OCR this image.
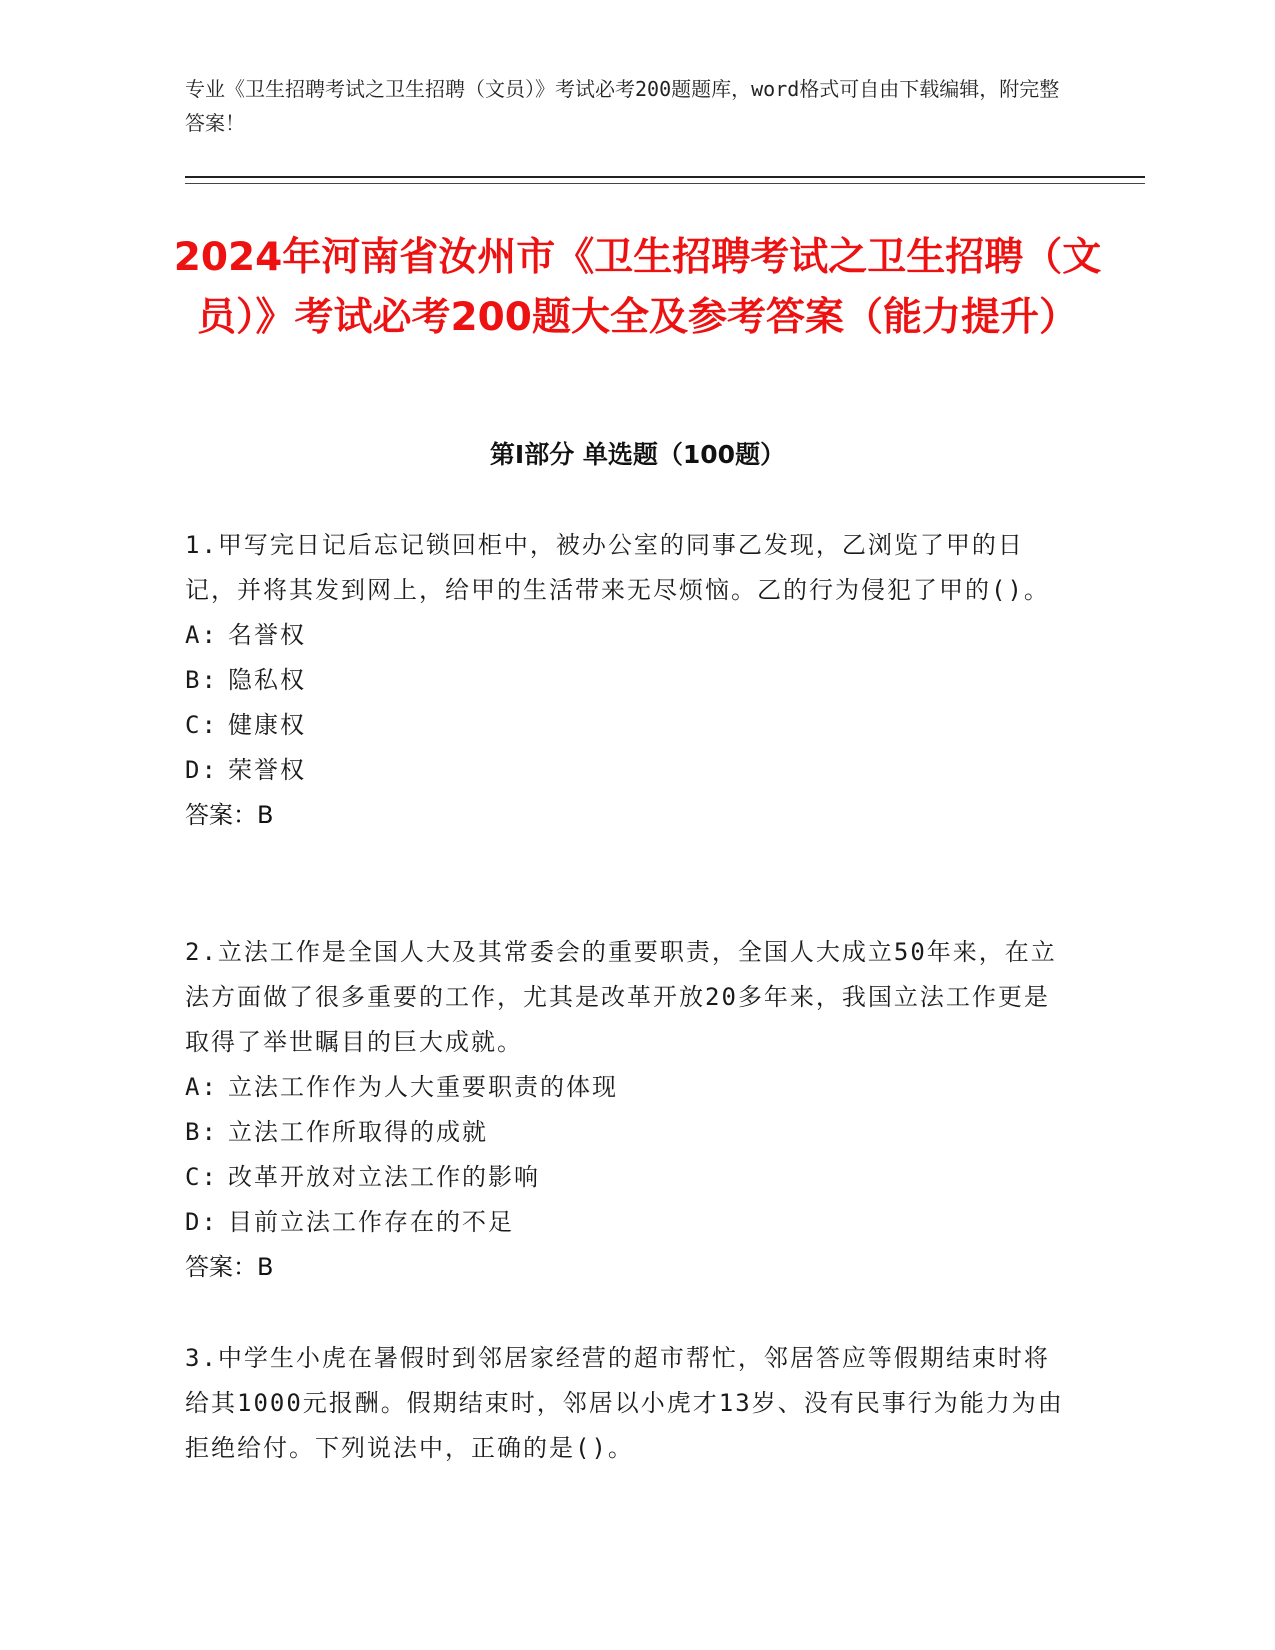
专业《卫生招聘考试之卫生招聘（文员）》考试必考200题题库，word格式可自由下载编辑，附完整答案！
2024年河南省汝州市《卫生招聘考试之卫生招聘（文员）》考试必考200题大全及参考答案（能力提升）
第I部分 单选题（100题）
1.甲写完日记后忘记锁回柜中，被办公室的同事乙发现，乙浏览了甲的日记，并将其发到网上，给甲的生活带来无尽烦恼。乙的行为侵犯了甲的()。
A: 名誉权
B: 隐私权
C: 健康权
D: 荣誉权
答案：B
2.立法工作是全国人大及其常委会的重要职责，全国人大成立50年来，在立法方面做了很多重要的工作，尤其是改革开放20多年来，我国立法工作更是取得了举世瞩目的巨大成就。
A: 立法工作作为人大重要职责的体现
B: 立法工作所取得的成就
C: 改革开放对立法工作的影响
D: 目前立法工作存在的不足
答案：B
3.中学生小虎在暑假时到邻居家经营的超市帮忙，邻居答应等假期结束时将给其1000元报酬。假期结束时，邻居以小虎才13岁、没有民事行为能力为由拒绝给付。下列说法中，正确的是()。
